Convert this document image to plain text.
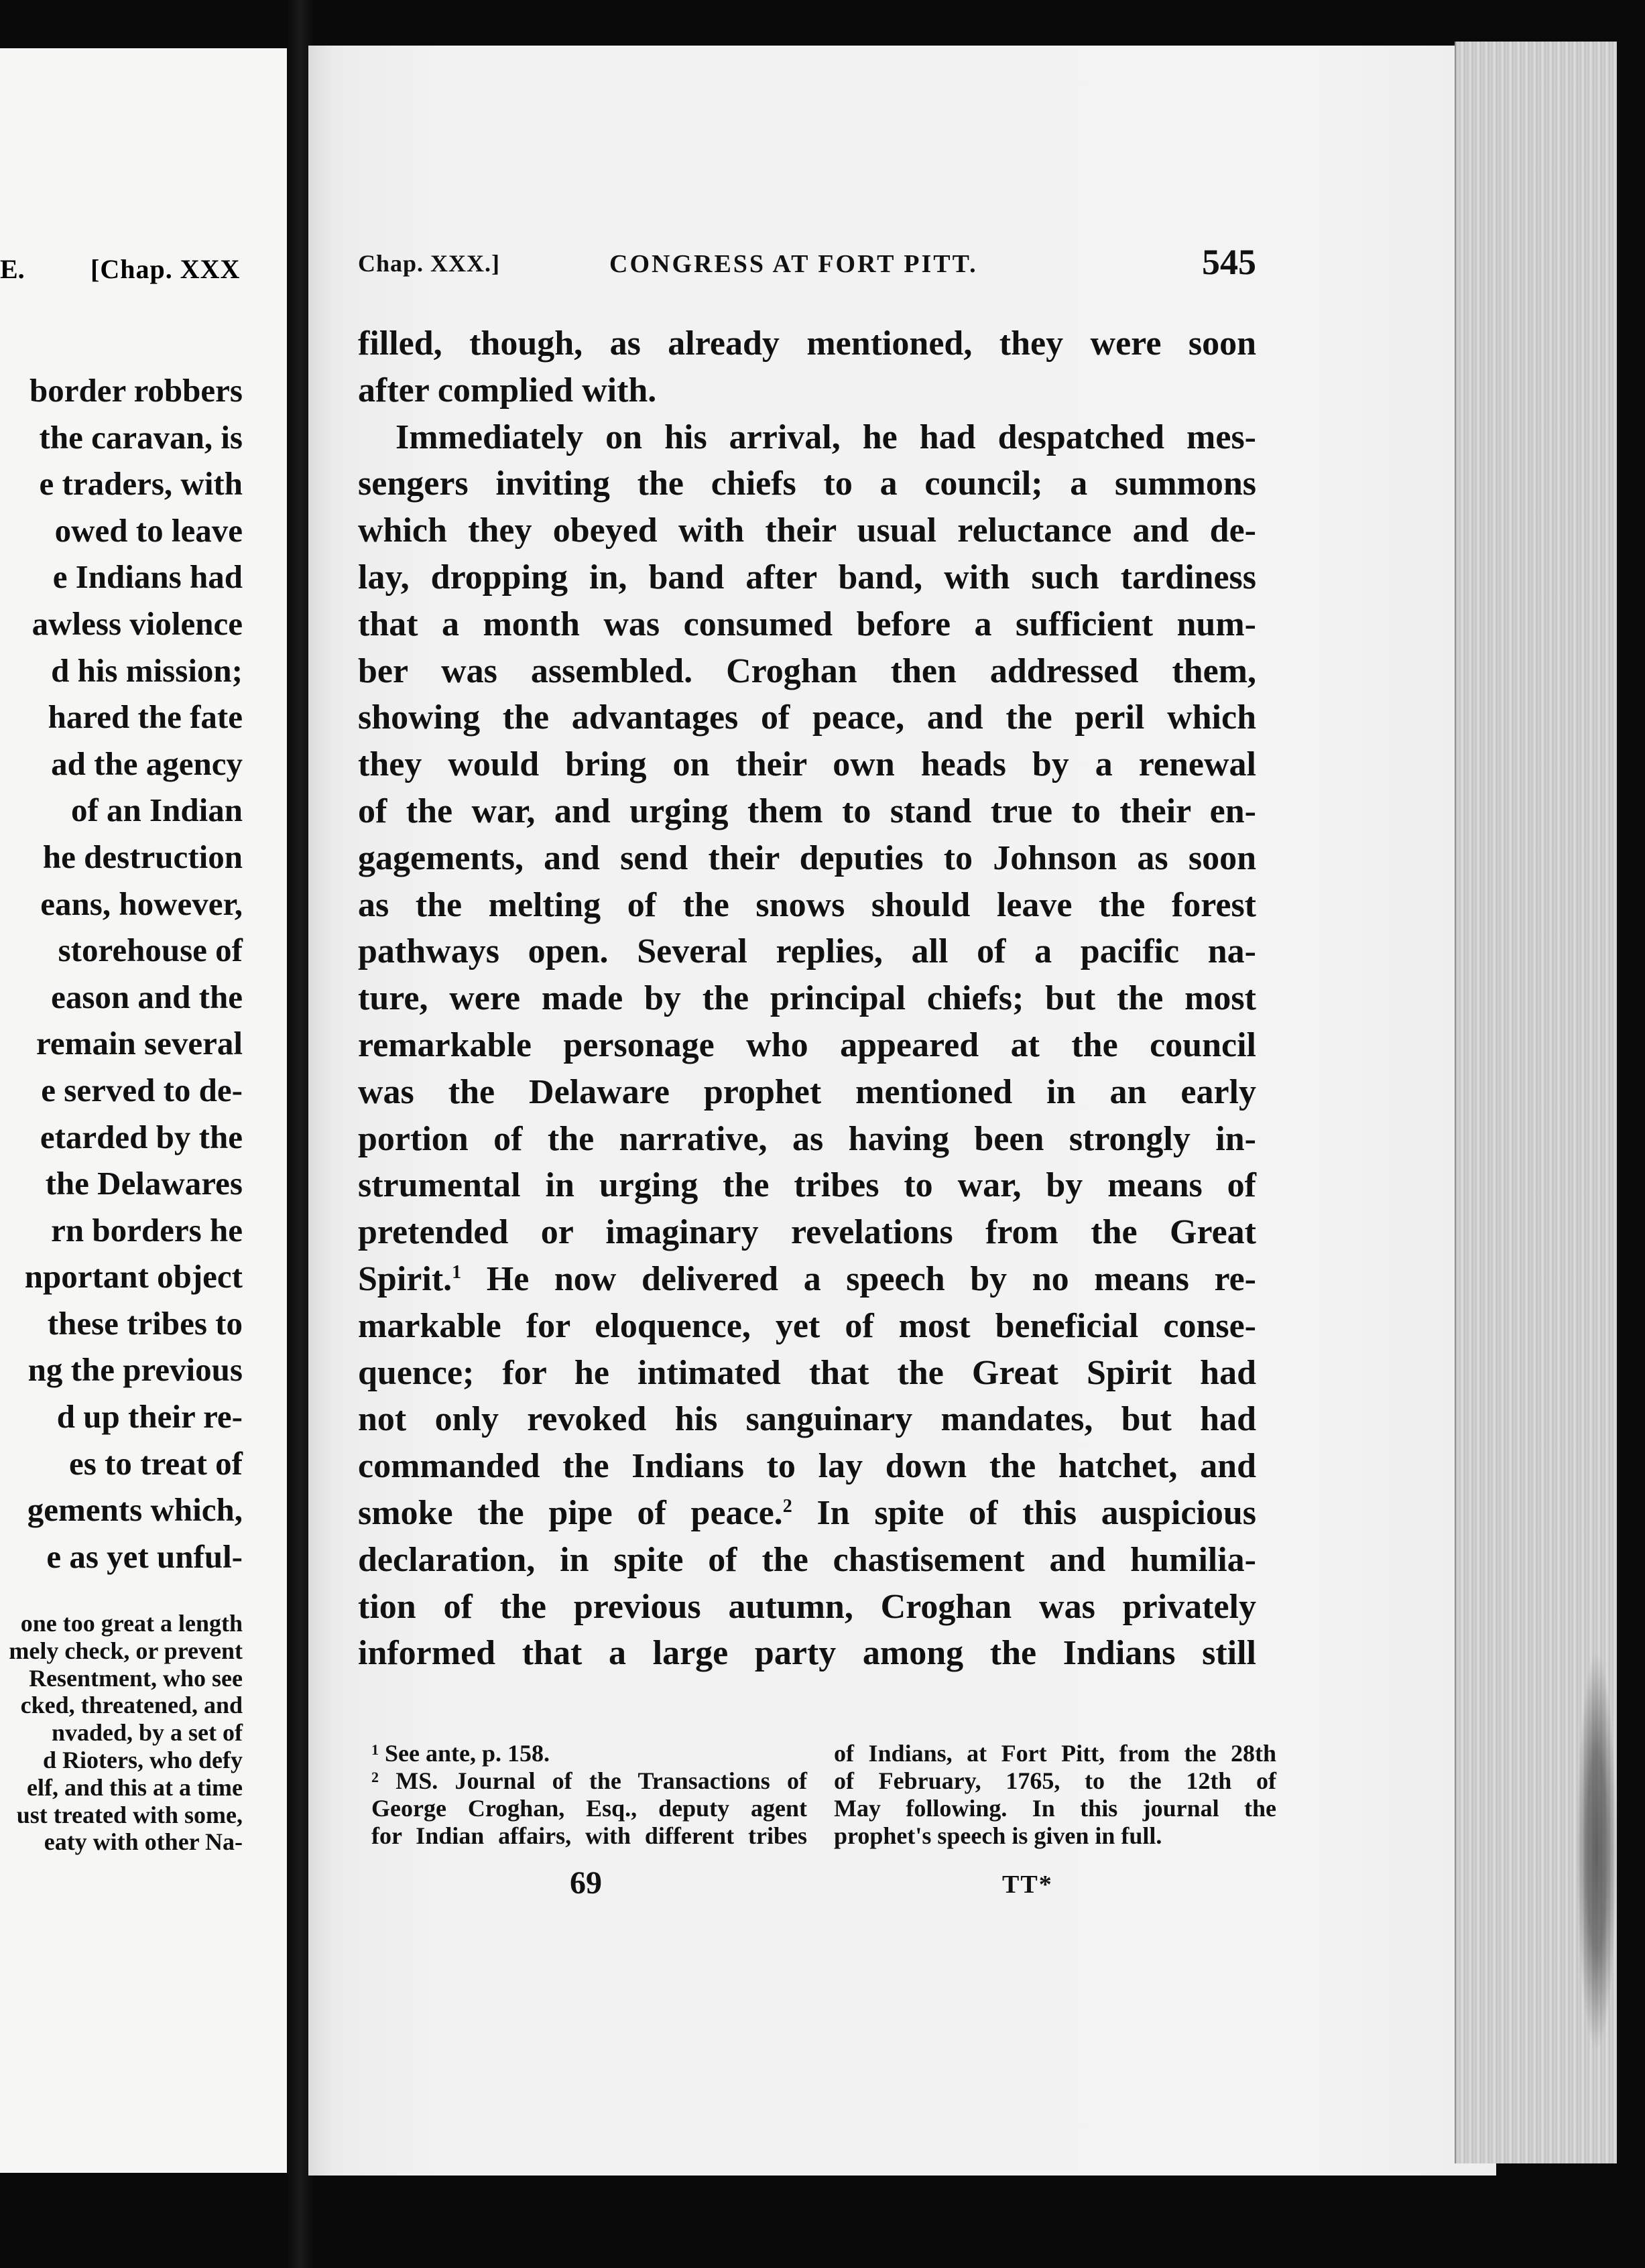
E. [Chap. XXX
border robbers
the caravan, is
e traders, with
owed to leave
e Indians had
awless violence
d his mission;
hared the fate
ad the agency
of an Indian
he destruction
eans, however,
storehouse of
eason and the
remain several
e served to de-
etarded by the
the Delawares
rn borders he
nportant object
these tribes to
ng the previous
d up their re-
es to treat of
gements which,
e as yet unful-
one too great a length
mely check, or prevent
Resentment, who see
cked, threatened, and
nvaded, by a set of
d Rioters, who defy
elf, and this at a time
ust treated with some,
eaty with other Na-
Chap. XXX.]	CONGRESS AT FORT PITT.	545
filled, though, as already mentioned, they were soon
after complied with.
Immediately on his arrival, he had despatched mes-
sengers inviting the chiefs to a council; a summons
which they obeyed with their usual reluctance and de-
lay, dropping in, band after band, with such tardiness
that a month was consumed before a sufficient num-
ber was assembled. Croghan then addressed them,
showing the advantages of peace, and the peril which
they would bring on their own heads by a renewal
of the war, and urging them to stand true to their en-
gagements, and send their deputies to Johnson as soon
as the melting of the snows should leave the forest
pathways open. Several replies, all of a pacific na-
ture, were made by the principal chiefs; but the most
remarkable personage who appeared at the council
was the Delaware prophet mentioned in an early
portion of the narrative, as having been strongly in-
strumental in urging the tribes to war, by means of
pretended or imaginary revelations from the Great
Spirit.$^1$ He now delivered a speech by no means re-
markable for eloquence, yet of most beneficial conse-
quence; for he intimated that the Great Spirit had
not only revoked his sanguinary mandates, but had
commanded the Indians to lay down the hatchet, and
smoke the pipe of peace.$^2$ In spite of this auspicious
declaration, in spite of the chastisement and humilia-
tion of the previous autumn, Croghan was privately
informed that a large party among the Indians still
$^1$ See ante, p. 158.
$^2$ MS. Journal of the Transactions of
George Croghan, Esq., deputy agent
for Indian affairs, with different tribes
of Indians, at Fort Pitt, from the 28th
of February, 1765, to the 12th of
May following. In this journal the
prophet's speech is given in full.
69	TT*
